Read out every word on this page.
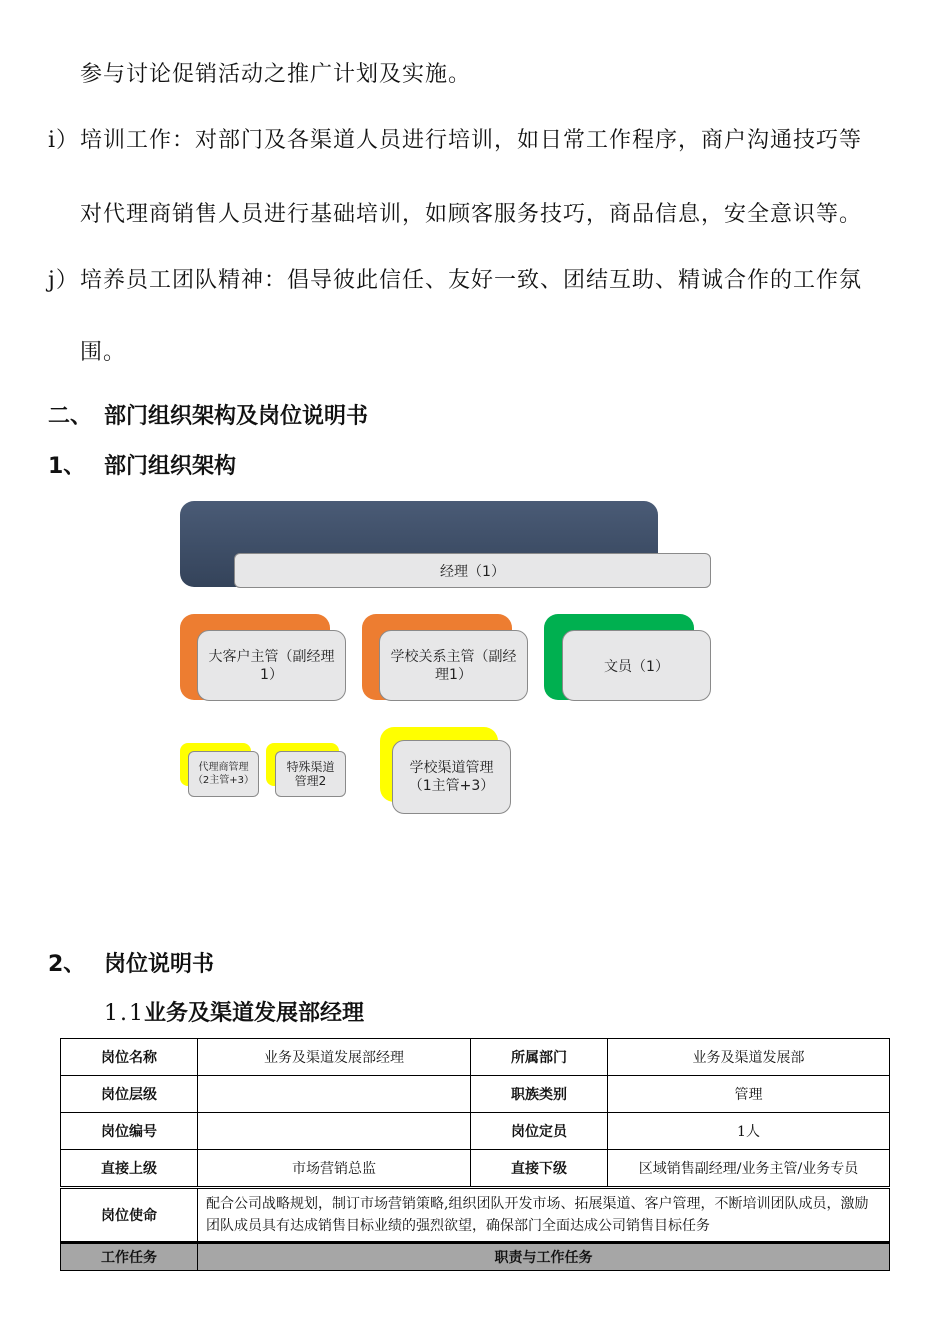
参与讨论促销活动之推广计划及实施。
i） 培训工作：对部门及各渠道人员进行培训，如日常工作程序，商户沟通技巧等
对代理商销售人员进行基础培训，如顾客服务技巧，商品信息，安全意识等。
j） 培养员工团队精神：倡导彼此信任、友好一致、团结互助、精诚合作的工作氛
围。
二、 部门组织架构及岗位说明书
1、 部门组织架构
经理（1）
大客户主管（副经理1）
学校关系主管（副经理1）	文员（1）
代理商管理（2主管+3）
特殊渠道管理2
学校渠道管理（1主管+3）
2、 岗位说明书
1.1 业务及渠道发展部经理
岗位名称	业务及渠道发展部经理	所属部门	业务及渠道发展部
岗位层级		职族类别	管理
岗位编号		岗位定员	1人
直接上级	市场营销总监	直接下级	区域销售副经理/业务主管/业务专员
岗位使命	配合公司战略规划，制订市场营销策略,组织团队开发市场、拓展渠道、客户管理，不断培训团队成员，激励团队成员具有达成销售目标业绩的强烈欲望，确保部门全面达成公司销售目标任务		
工作任务	职责与工作任务		
